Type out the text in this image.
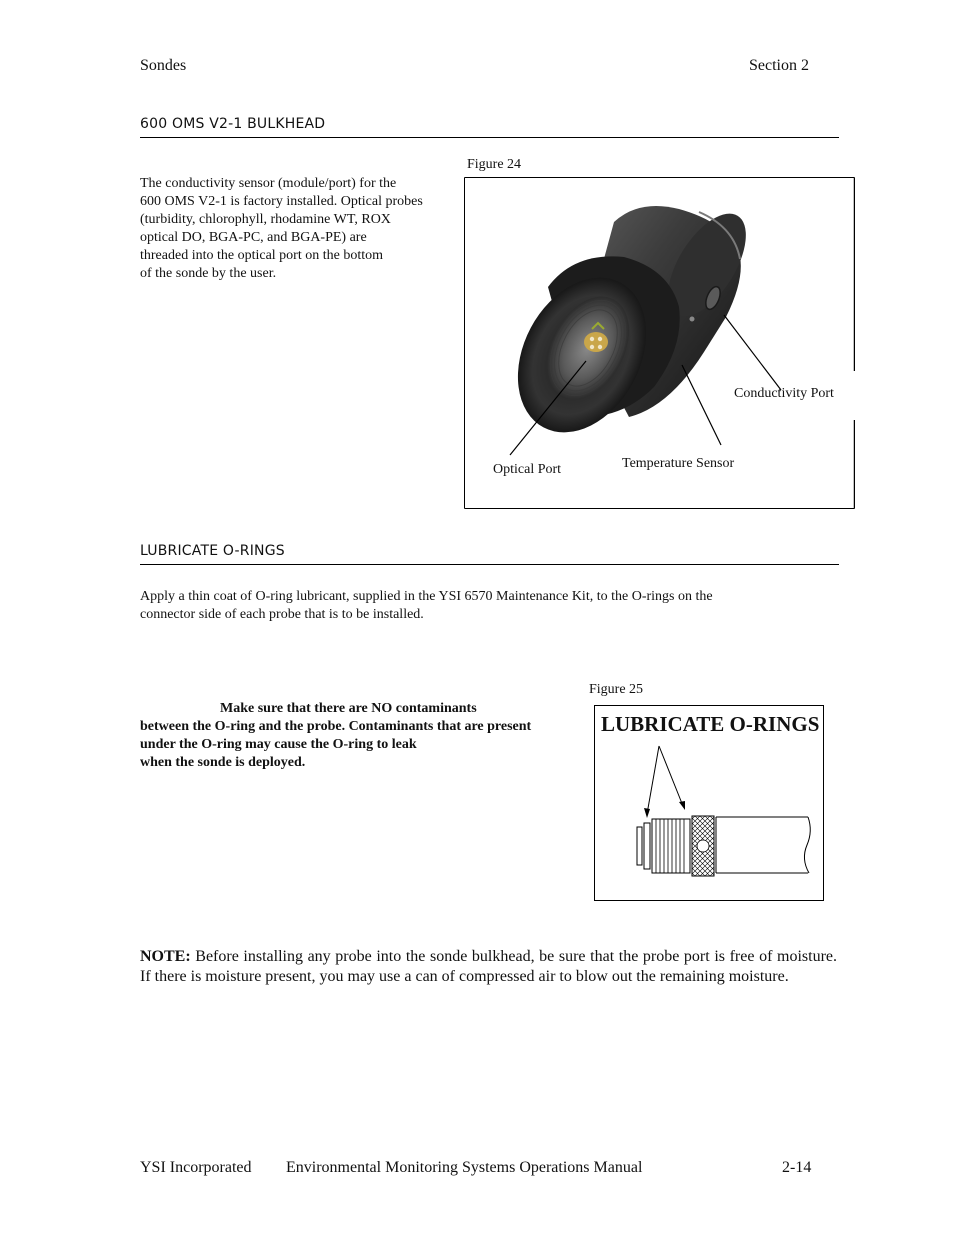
Sondes	Section 2
600 OMS V2-1 BULKHEAD
The conductivity sensor (module/port) for the
600 OMS V2-1 is factory installed. Optical probes
(turbidity, chlorophyll, rhodamine WT, ROX
optical DO, BGA-PC, and BGA-PE) are
threaded into the optical port on the bottom
of the sonde by the user.
Figure 24
Conductivity Port
Temperature Sensor
Optical Port
LUBRICATE O-RINGS
Apply a thin coat of O-ring lubricant, supplied in the YSI 6570 Maintenance Kit, to the O-rings on the
connector side of each probe that is to be installed.
Make sure that there are NO contaminants
between the O-ring and the probe. Contaminants that are present
under the O-ring may cause the O-ring to leak
when the sonde is deployed.
Figure 25
LUBRICATE O-RINGS
NOTE: Before installing any probe into the sonde bulkhead, be sure that the probe port is free of moisture. If there is moisture present, you may use a can of compressed air to blow out the remaining moisture.
YSI Incorporated Environmental Monitoring Systems Operations Manual	2-14
